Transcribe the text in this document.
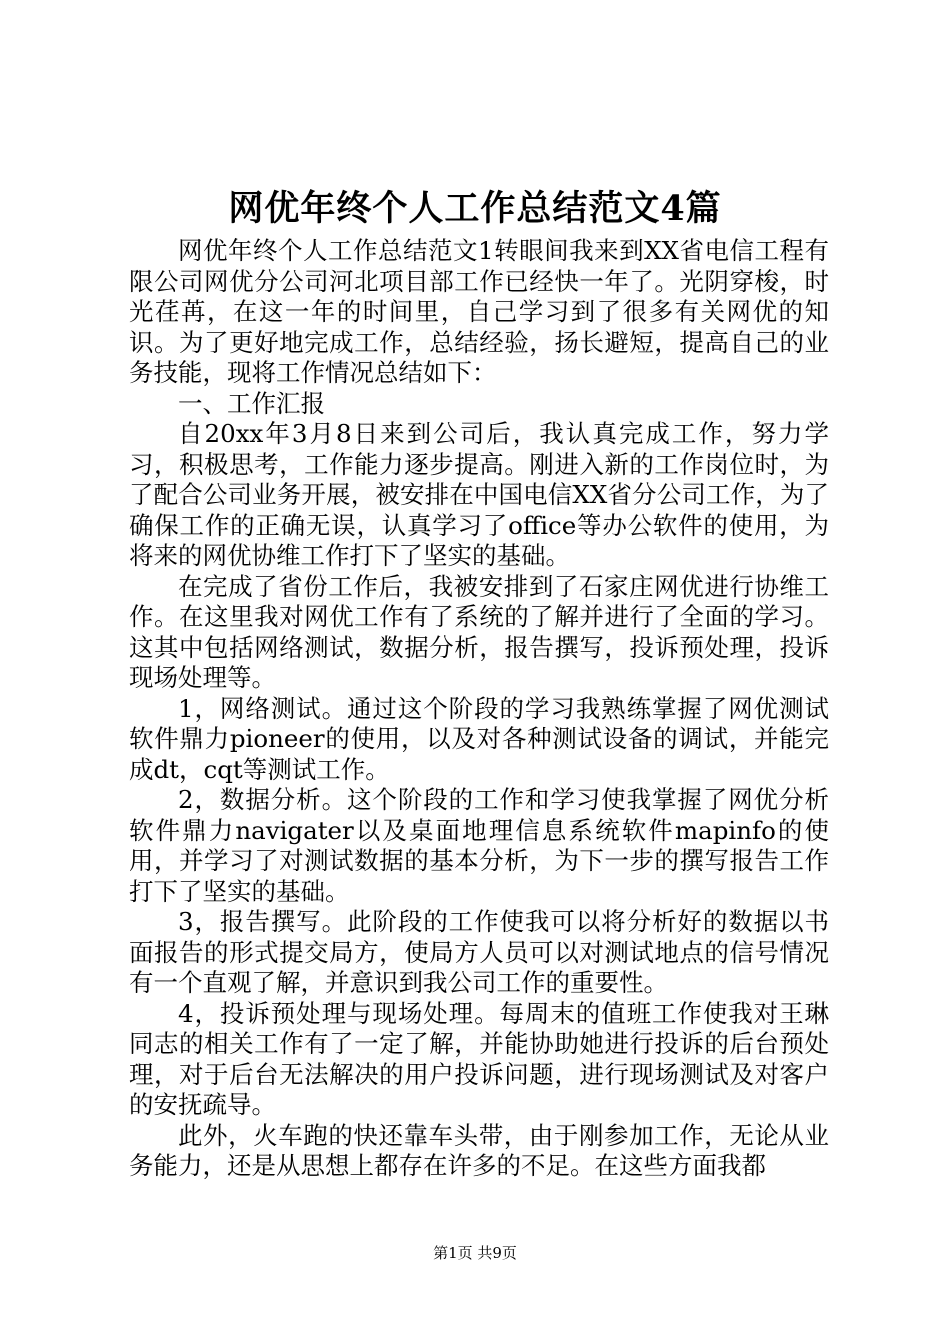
网优年终个人工作总结范文4篇

网优年终个人工作总结范文1转眼间我来到XX省电信工程有限公司网优分公司河北项目部工作已经快一年了。光阴穿梭，时光荏苒，在这一年的时间里，自己学习到了很多有关网优的知识。为了更好地完成工作，总结经验，扬长避短，提高自己的业务技能，现将工作情况总结如下：

一、工作汇报

自20xx年3月8日来到公司后，我认真完成工作，努力学习，积极思考，工作能力逐步提高。刚进入新的工作岗位时，为了配合公司业务开展，被安排在中国电信XX省分公司工作，为了确保工作的正确无误，认真学习了office等办公软件的使用，为将来的网优协维工作打下了坚实的基础。

在完成了省份工作后，我被安排到了石家庄网优进行协维工作。在这里我对网优工作有了系统的了解并进行了全面的学习。这其中包括网络测试，数据分析，报告撰写，投诉预处理，投诉现场处理等。

1，网络测试。通过这个阶段的学习我熟练掌握了网优测试软件鼎力pioneer的使用，以及对各种测试设备的调试，并能完成dt，cqt等测试工作。

2，数据分析。这个阶段的工作和学习使我掌握了网优分析软件鼎力navigater以及桌面地理信息系统软件mapinfo的使用，并学习了对测试数据的基本分析，为下一步的撰写报告工作打下了坚实的基础。

3，报告撰写。此阶段的工作使我可以将分析好的数据以书面报告的形式提交局方，使局方人员可以对测试地点的信号情况有一个直观了解，并意识到我公司工作的重要性。

4，投诉预处理与现场处理。每周末的值班工作使我对王琳同志的相关工作有了一定了解，并能协助她进行投诉的后台预处理，对于后台无法解决的用户投诉问题，进行现场测试及对客户的安抚疏导。

此外，火车跑的快还靠车头带，由于刚参加工作，无论从业务能力，还是从思想上都存在许多的不足。在这些方面我都

第1页 共9页
